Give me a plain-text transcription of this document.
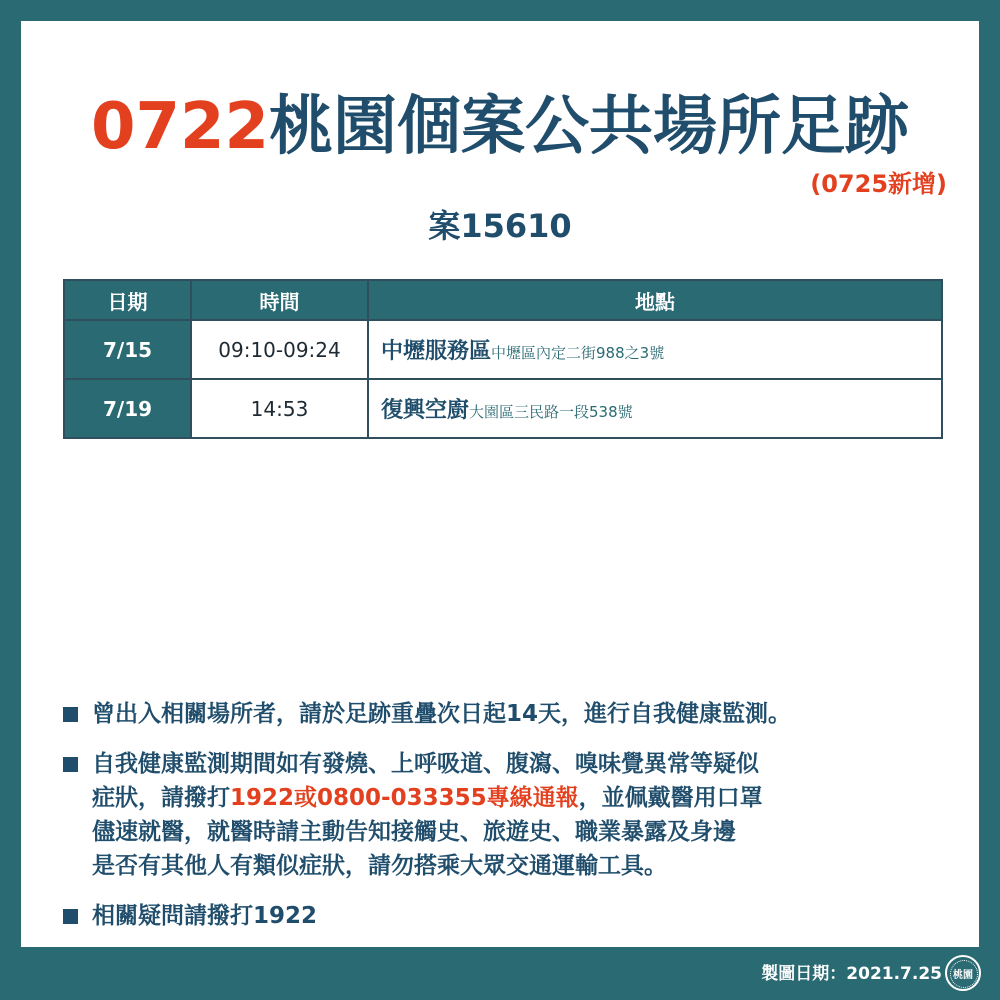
0722桃園個案公共場所足跡
(0725新增)
案15610
日期	時間	地點
7/15	09:10-09:24	中壢服務區中壢區內定二街988之3號
7/19	14:53	復興空廚大園區三民路一段538號
曾出入相關場所者，請於足跡重疊次日起14天，進行自我健康監測。
自我健康監測期間如有發燒、上呼吸道、腹瀉、嗅味覺異常等疑似
症狀，請撥打1922或0800-033355專線通報，並佩戴醫用口罩
儘速就醫，就醫時請主動告知接觸史、旅遊史、職業暴露及身邊
是否有其他人有類似症狀，請勿搭乘大眾交通運輸工具。
相關疑問請撥打1922
製圖日期：2021.7.25	桃園
